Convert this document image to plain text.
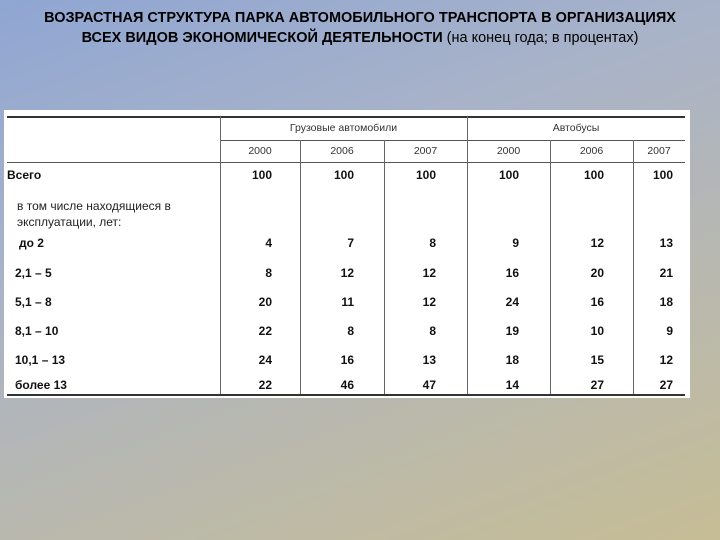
ВОЗРАСТНАЯ СТРУКТУРА ПАРКА АВТОМОБИЛЬНОГО ТРАНСПОРТА В ОРГАНИЗАЦИЯХ ВСЕХ ВИДОВ ЭКОНОМИЧЕСКОЙ ДЕЯТЕЛЬНОСТИ (на конец года; в процентах)
Грузовые автомобили	Автобусы
2000	2006	2007	2000	2006	2007
Всего	100	100	100	100	100	100
в том числе находящиеся в эксплуатации, лет:
до 2	4	7	8	9	12	13
2,1 – 5	8	12	12	16	20	21
5,1 – 8	20	11	12	24	16	18
8,1 – 10	22	8	8	19	10	9
10,1 – 13	24	16	13	18	15	12
более 13	22	46	47	14	27	27
